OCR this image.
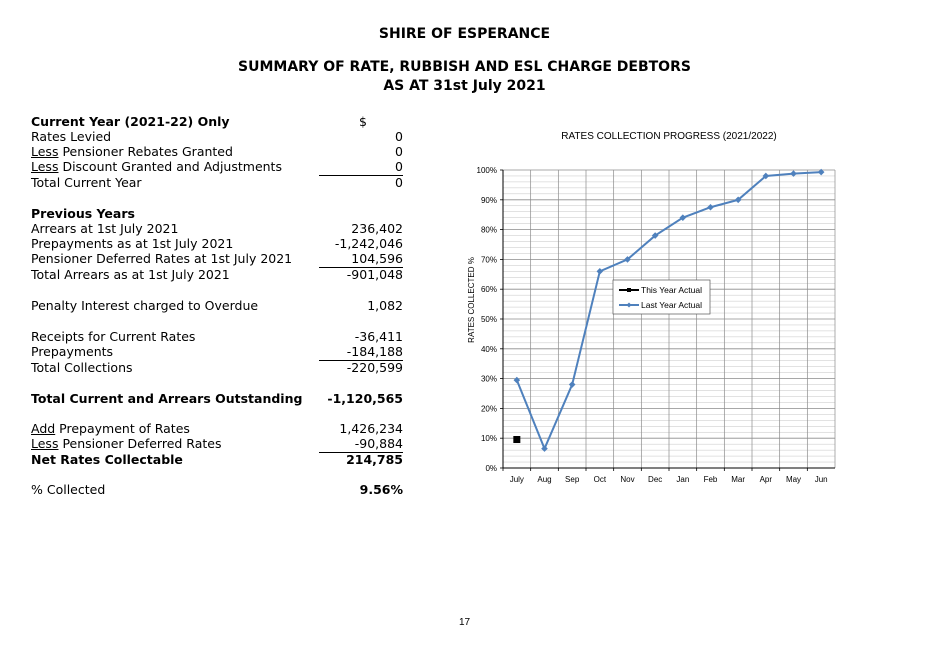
SHIRE OF ESPERANCE
SUMMARY OF RATE, RUBBISH AND ESL CHARGE DEBTORS
AS AT 31st July 2021
Current Year (2021-22) Only	$
Rates Levied	0
Less Pensioner Rebates Granted	0
Less Discount Granted and Adjustments	0
Total Current Year	0
Previous Years
Arrears at 1st July 2021	236,402
Prepayments as at 1st July 2021	-1,242,046
Pensioner Deferred Rates at 1st July 2021	104,596
Total Arrears as at 1st July 2021	-901,048
Penalty Interest charged to Overdue	1,082
Receipts for Current Rates	-36,411
Prepayments	-184,188
Total Collections	-220,599
Total Current and Arrears Outstanding -1,120,565
Add Prepayment of Rates	1,426,234
Less Pensioner Deferred Rates	-90,884
Net Rates Collectable	214,785
% Collected	9.56%
RATES COLLECTION PROGRESS (2021/2022)
RATES COLLECTED %
0%
10%
20%
30%
40%
50%
60%
70%
80%
90%
100%
July Aug Sep Oct Nov Dec Jan Feb Mar Apr May Jun
This Year Actual
Last Year Actual
17
